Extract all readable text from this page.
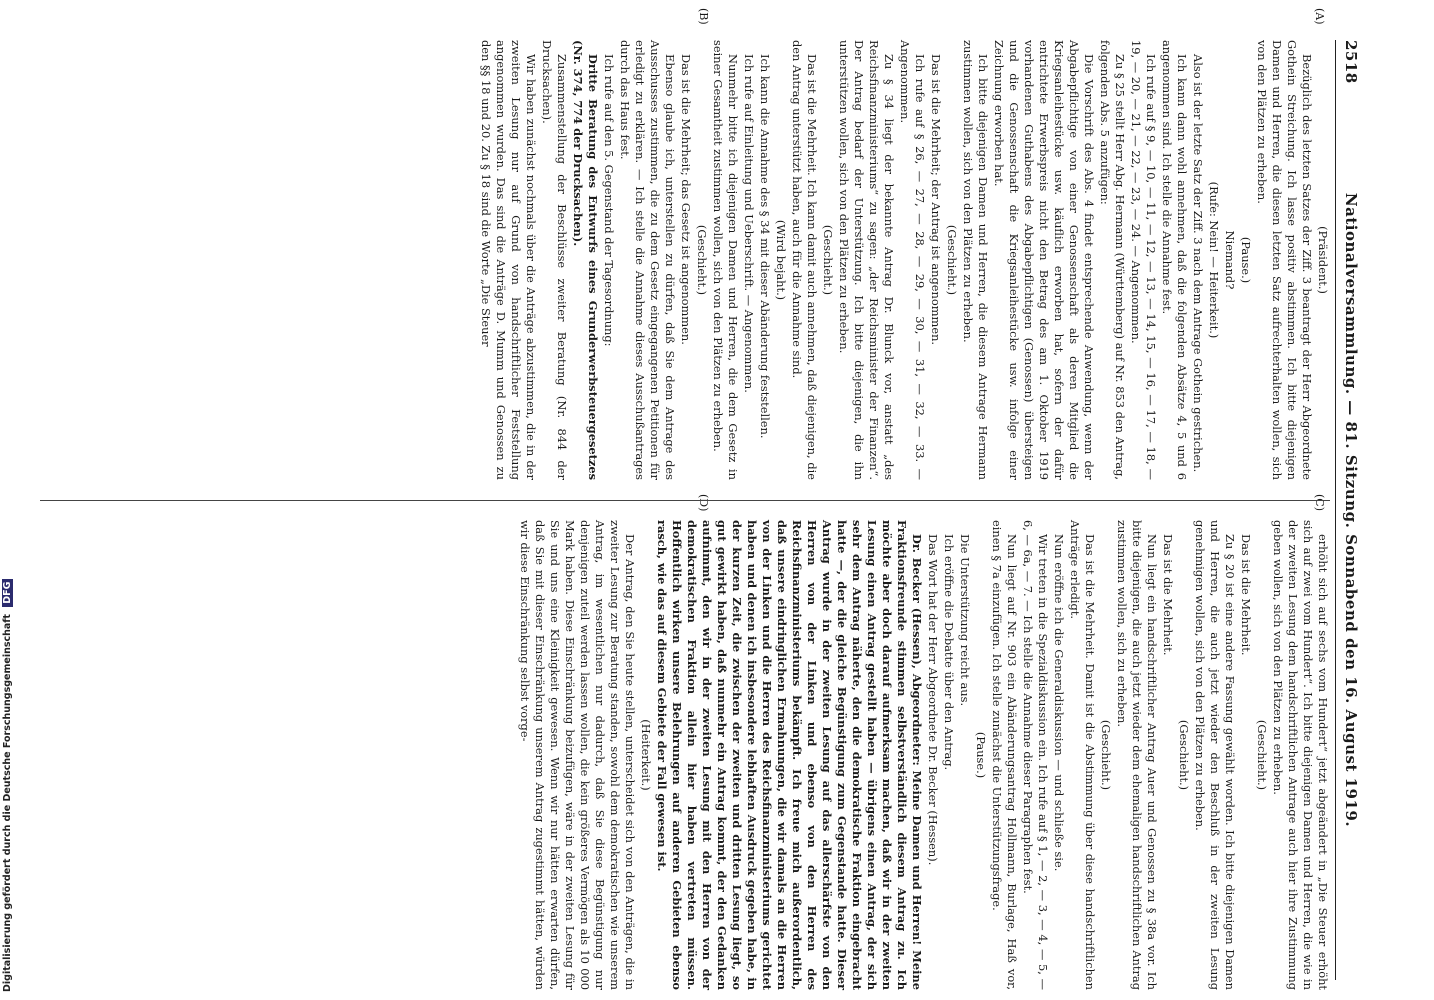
2518
Nationalversammlung. — 81. Sitzung. Sonnabend den 16. August 1919.
(A)
(B)
(C)
(D)

(Präsident.)

Bezüglich des letzten Satzes der Ziff. 3 beantragt der Herr Abgeordnete Gothein Streichung. Ich lasse positiv abstimmen. Ich bitte diejenigen Damen und Herren, die diesen letzten Satz aufrechterhalten wollen, sich von den Plätzen zu erheben.

(Pause.)

Niemand?

(Rufe: Nein! — Heiterkeit.)

Also ist der letzte Satz der Ziff. 3 nach dem Antrage Gothein gestrichen.

Ich kann dann wohl annehmen, daß die folgenden Absätze 4, 5 und 6 angenommen sind. Ich stelle die Annahme fest.

Ich rufe auf § 9, — 10, — 11, — 12, — 13, — 14, 15, — 16, — 17, — 18, — 19, — 20, — 21, — 22, — 23, — 24. — Angenommen.

Zu § 25 stellt Herr Abg. Hermann (Württemberg) auf Nr. 853 den Antrag, folgenden Abs. 5 anzufügen:

Die Vorschrift des Abs. 4 findet entsprechende Anwendung, wenn der Abgabepflichtige von einer Genossenschaft als deren Mitglied die Kriegsanleihestücke usw. käuflich erworben hat, sofern der dafür entrichtete Erwerbspreis nicht den Betrag des am 1. Oktober 1919 vorhandenen Guthabens des Abgabepflichtigen (Genossen) übersteigen und die Genossenschaft die Kriegsanleihestücke usw. infolge einer Zeichnung erworben hat.

Ich bitte diejenigen Damen und Herren, die diesem Antrage Hermann zustimmen wollen, sich von den Plätzen zu erheben.

(Geschieht.)

Das ist die Mehrheit; der Antrag ist angenommen.

Ich rufe auf § 26, — 27, — 28, — 29, — 30, — 31, — 32, — 33. — Angenommen.

Zu § 34 liegt der bekannte Antrag Dr. Blunck vor, anstatt „des Reichsfinanzministeriums“ zu sagen: „der Reichsminister der Finanzen“. Der Antrag bedarf der Unterstützung. Ich bitte diejenigen, die ihn unterstützen wollen, sich von den Plätzen zu erheben.

(Geschieht.)

Das ist die Mehrheit. Ich kann damit auch annehmen, daß diejenigen, die den Antrag unterstützt haben, auch für die Annahme sind.

(Wird bejaht.)

Ich kann die Annahme des § 34 mit dieser Abänderung feststellen.

Ich rufe auf Einleitung und Ueberschrift. — Angenommen.

Nunmehr bitte ich diejenigen Damen und Herren, die dem Gesetz in seiner Gesamtheit zustimmen wollen, sich von den Plätzen zu erheben.

(Geschieht.)

Das ist die Mehrheit; das Gesetz ist angenommen.

Ebenso glaube ich, unterstellen zu dürfen, daß Sie dem Antrage des Ausschusses zustimmen, die zu dem Gesetz eingegangenen Petitionen für erledigt zu erklären. — Ich stelle die Annahme dieses Ausschußantrages durch das Haus fest.

Ich rufe auf den 5. Gegenstand der Tagesordnung:

Dritte Beratung des Entwurfs eines Grunderwerbsteuergesetzes (Nr. 374, 774 der Drucksachen).

Zusammenstellung der Beschlüsse zweiter Beratung (Nr. 844 der Drucksachen).

Wir haben zunächst nochmals über die Anträge abzustimmen, die in der zweiten Lesung nur auf Grund von handschriftlicher Feststellung angenommen wurden. Das sind die Anträge D. Mumm und Genossen zu den §§ 18 und 20. Zu § 18 sind die Worte „Die Steuer

erhöht sich auf sechs vom Hundert“ jetzt abgeändert in „Die Steuer erhöht sich auf zwei vom Hundert“. Ich bitte diejenigen Damen und Herren, die wie in der zweiten Lesung dem handschriftlichen Antrage auch hier ihre Zustimmung geben wollen, sich von den Plätzen zu erheben.

(Geschieht.)

Das ist die Mehrheit.

Zu § 20 ist eine andere Fassung gewählt worden. Ich bitte diejenigen Damen und Herren, die auch jetzt wieder den Beschluß in der zweiten Lesung genehmigen wollen, sich von den Plätzen zu erheben.

(Geschieht.)

Das ist die Mehrheit.

Nun liegt ein handschriftlicher Antrag Auer und Genossen zu § 38a vor. Ich bitte diejenigen, die auch jetzt wieder dem ehemaligen handschriftlichen Antrag zustimmen wollen, sich zu erheben.

(Geschieht.)

Das ist die Mehrheit. Damit ist die Abstimmung über diese handschriftlichen Anträge erledigt.

Nun eröffne ich die Generaldiskussion — und schließe sie.

Wir treten in die Spezialdiskussion ein. Ich rufe auf § 1, — 2, — 3, — 4, — 5, — 6, — 6a, — 7. — Ich stelle die Annahme dieser Paragraphen fest.

Nun liegt auf Nr. 903 ein Abänderungsantrag Hollmann, Burlage, Haß vor, einen § 7a einzufügen. Ich stelle zunächst die Unterstützungsfrage.

(Pause.)

Die Unterstützung reicht aus.

Ich eröffne die Debatte über den Antrag.

Das Wort hat der Herr Abgeordnete Dr. Becker (Hessen).

Dr. Becker (Hessen), Abgeordneter: Meine Damen und Herren! Meine Fraktionsfreunde stimmen selbstverständlich diesem Antrag zu. Ich möchte aber doch darauf aufmerksam machen, daß wir in der zweiten Lesung einen Antrag gestellt haben — übrigens einen Antrag, der sich sehr dem Antrag näherte, den die demokratische Fraktion eingebracht hatte —, der die gleiche Begünstigung zum Gegenstande hatte. Dieser Antrag wurde in der zweiten Lesung auf das allerschärfste von den Herren von der Linken und ebenso von den Herren des Reichsfinanzministeriums bekämpft. Ich freue mich außerordentlich, daß unsere eindringlichen Ermahnungen, die wir damals an die Herren von der Linken und die Herren des Reichsfinanzministeriums gerichtet haben und denen ich insbesondere lebhaften Ausdruck gegeben habe, in der kurzen Zeit, die zwischen der zweiten und dritten Lesung liegt, so gut gewirkt haben, daß nunmehr ein Antrag kommt, der den Gedanken aufnimmt, den wir in der zweiten Lesung mit den Herren von der demokratischen Fraktion allein hier haben vertreten müssen. Hoffentlich wirken unsere Belehrungen auf anderen Gebieten ebenso rasch, wie das auf diesem Gebiete der Fall gewesen ist.

(Heiterkeit.)

Der Antrag, den Sie heute stellen, unterscheidet sich von den Anträgen, die in zweiter Lesung zur Beratung standen, sowohl dem demokratischen wie unserem Antrag, im wesentlichen nur dadurch, daß Sie diese Begünstigung nur denjenigen zuteil werden lassen wollen, die kein größeres Vermögen als 10 000 Mark haben. Diese Einschränkung beizufügen, wäre in der zweiten Lesung für Sie und uns eine Kleinigkeit gewesen. Wenn wir nur hätten erwarten dürfen, daß Sie mit dieser Einschränkung unserem Antrag zugestimmt hätten, würden wir diese Einschränkung selbst vorge-

Digitalisierung gefördert durch die Deutsche Forschungsgemeinschaft DFG
